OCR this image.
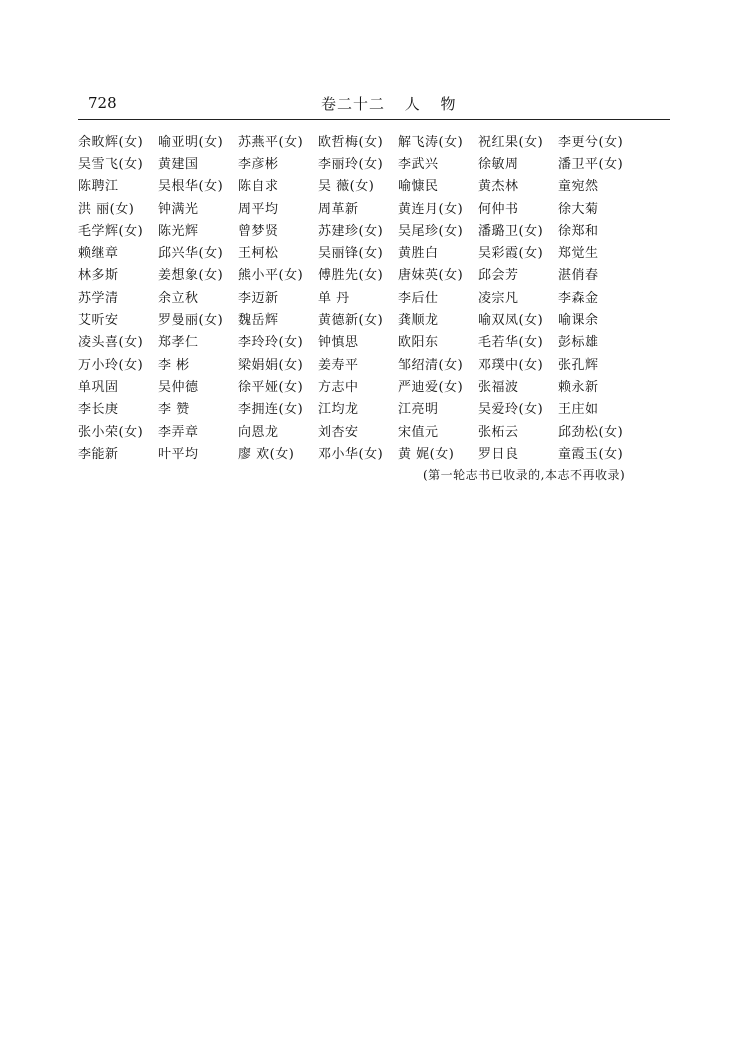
728	卷二十二 人 物
余畋辉(女)	喻亚明(女)	苏燕平(女)	欧哲梅(女)	解飞涛(女)	祝红果(女)	李更兮(女)
吴雪飞(女)	黄建国	李彦彬	李丽玲(女)	李武兴	徐敏周	潘卫平(女)
陈聘江	吴根华(女)	陈自求	吴 薇(女)	喻慷民	黄杰林	童宛然
洪 丽(女)	钟满光	周平均	周革新	黄连月(女)	何仲书	徐大菊
毛学辉(女)	陈光辉	曾梦贤	苏建珍(女)	吴尾珍(女)	潘璐卫(女)	徐郑和
赖继章	邱兴华(女)	王柯松	吴丽锋(女)	黄胜白	吴彩霞(女)	郑觉生
林多斯	姜想象(女)	熊小平(女)	傅胜先(女)	唐妹英(女)	邱会芳	湛俏春
苏学清	余立秋	李迈新	单 丹	李后仕	凌宗凡	李森金
艾听安	罗曼丽(女)	魏岳辉	黄德新(女)	龚顺龙	喻双凤(女)	喻课余
凌头喜(女)	郑孝仁	李玲玲(女)	钟慎思	欧阳东	毛若华(女)	彭标雄
万小玲(女)	李 彬	梁娟娟(女)	姜寿平	邹绍清(女)	邓璞中(女)	张孔辉
单巩固	吴仲德	徐平娅(女)	方志中	严迪爱(女)	张福波	赖永新
李长庚	李 赞	李拥连(女)	江均龙	江亮明	吴爱玲(女)	王庄如
张小荣(女)	李弄章	向恩龙	刘杏安	宋值元	张柘云	邱劲松(女)
李能新	叶平均	廖 欢(女)	邓小华(女)	黄 娓(女)	罗日良	童霞玉(女)
(第一轮志书已收录的,本志不再收录)
